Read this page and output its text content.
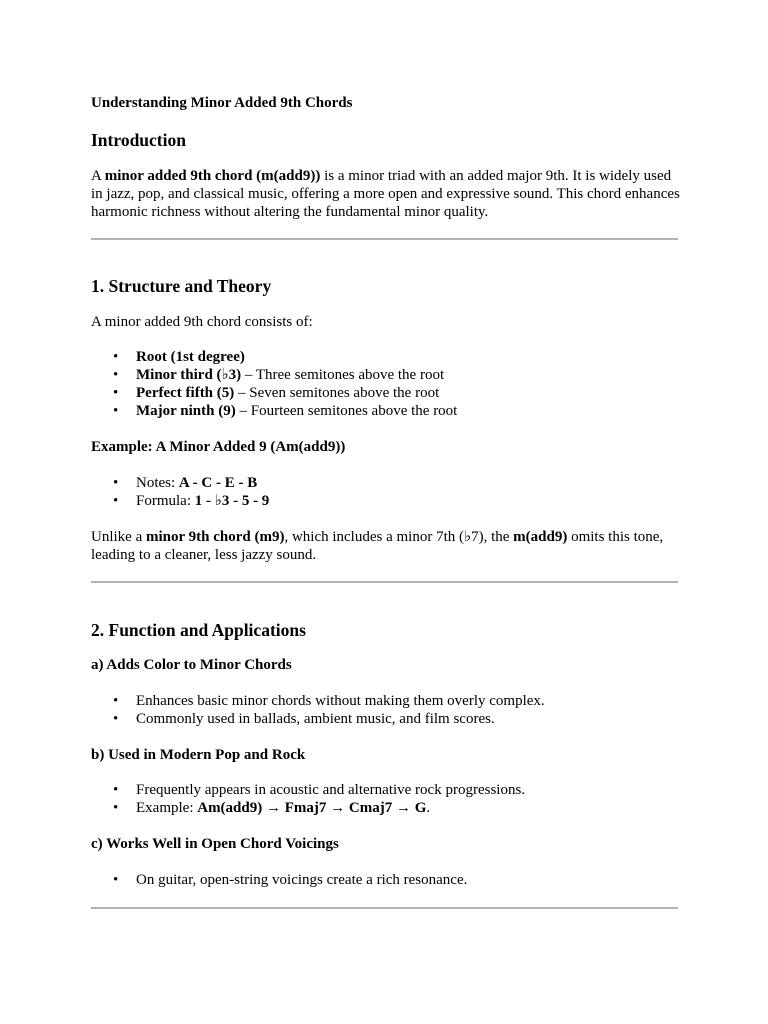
Understanding Minor Added 9th Chords

Introduction

A minor added 9th chord (m(add9)) is a minor triad with an added major 9th. It is widely used in jazz, pop, and classical music, offering a more open and expressive sound. This chord enhances harmonic richness without altering the fundamental minor quality.

1. Structure and Theory

A minor added 9th chord consists of:

• Root (1st degree)
• Minor third (♭3) – Three semitones above the root
• Perfect fifth (5) – Seven semitones above the root
• Major ninth (9) – Fourteen semitones above the root
Example: A Minor Added 9 (Am(add9))
• Notes: A - C - E - B
• Formula: 1 - ♭3 - 5 - 9

Unlike a minor 9th chord (m9), which includes a minor 7th (♭7), the m(add9) omits this tone, leading to a cleaner, less jazzy sound.

2. Function and Applications
a) Adds Color to Minor Chords
• Enhances basic minor chords without making them overly complex.
• Commonly used in ballads, ambient music, and film scores.
b) Used in Modern Pop and Rock
• Frequently appears in acoustic and alternative rock progressions.
• Example: Am(add9) → Fmaj7 → Cmaj7 → G.
c) Works Well in Open Chord Voicings
• On guitar, open-string voicings create a rich resonance.
